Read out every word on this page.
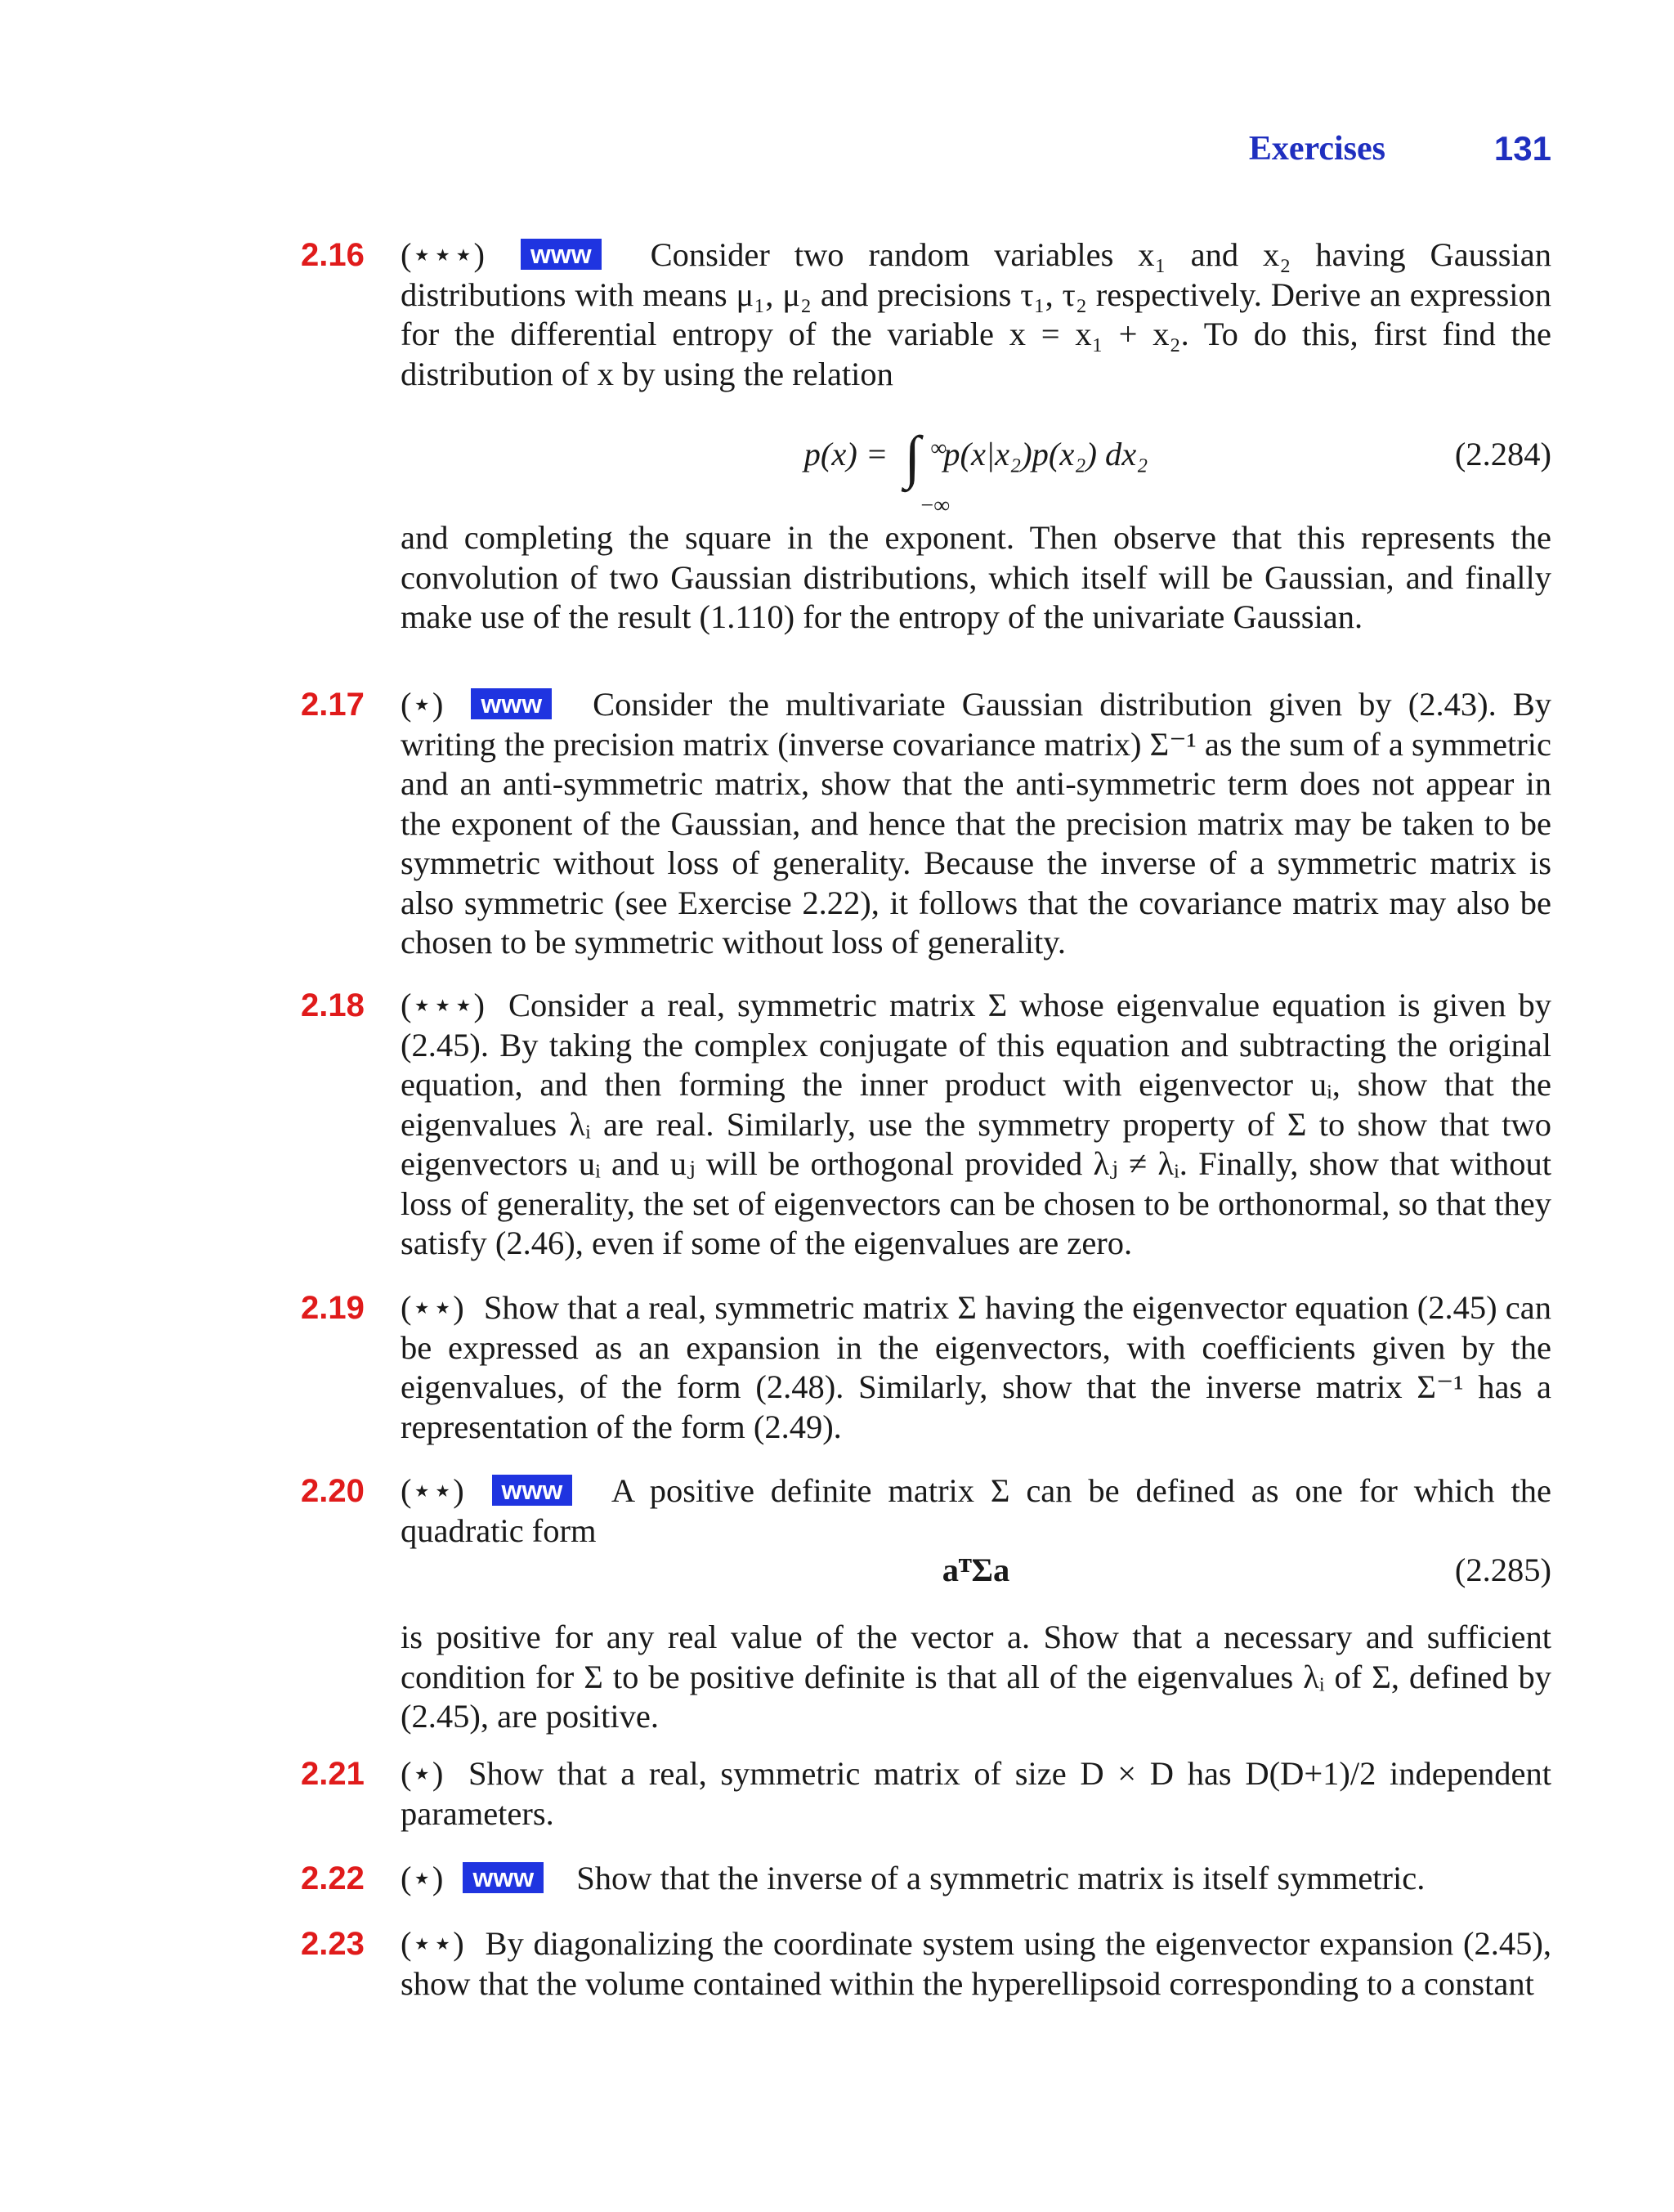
Exercises	131
2.16 (⋆⋆⋆) www Consider two random variables x₁ and x₂ having Gaussian distributions with means μ₁, μ₂ and precisions τ₁, τ₂ respectively. Derive an expression for the differential entropy of the variable x = x₁ + x₂. To do this, first find the distribution of x by using the relation
p(x) = ∫ ∞
−∞
p(x|x₂)p(x₂) dx₂	(2.284)
and completing the square in the exponent. Then observe that this represents the convolution of two Gaussian distributions, which itself will be Gaussian, and finally make use of the result (1.110) for the entropy of the univariate Gaussian.
2.17 (⋆) www Consider the multivariate Gaussian distribution given by (2.43). By writing the precision matrix (inverse covariance matrix) Σ⁻¹ as the sum of a symmetric and an anti-symmetric matrix, show that the anti-symmetric term does not appear in the exponent of the Gaussian, and hence that the precision matrix may be taken to be symmetric without loss of generality. Because the inverse of a symmetric matrix is also symmetric (see Exercise 2.22), it follows that the covariance matrix may also be chosen to be symmetric without loss of generality.
2.18 (⋆⋆⋆) Consider a real, symmetric matrix Σ whose eigenvalue equation is given by (2.45). By taking the complex conjugate of this equation and subtracting the original equation, and then forming the inner product with eigenvector uᵢ, show that the eigenvalues λᵢ are real. Similarly, use the symmetry property of Σ to show that two eigenvectors uᵢ and uⱼ will be orthogonal provided λⱼ ≠ λᵢ. Finally, show that without loss of generality, the set of eigenvectors can be chosen to be orthonormal, so that they satisfy (2.46), even if some of the eigenvalues are zero.
2.19 (⋆⋆) Show that a real, symmetric matrix Σ having the eigenvector equation (2.45) can be expressed as an expansion in the eigenvectors, with coefficients given by the eigenvalues, of the form (2.48). Similarly, show that the inverse matrix Σ⁻¹ has a representation of the form (2.49).
2.20 (⋆⋆) www A positive definite matrix Σ can be defined as one for which the quadratic form
aᵀΣa	(2.285)
is positive for any real value of the vector a. Show that a necessary and sufficient condition for Σ to be positive definite is that all of the eigenvalues λᵢ of Σ, defined by (2.45), are positive.
2.21 (⋆) Show that a real, symmetric matrix of size D × D has D(D+1)/2 independent parameters.
2.22 (⋆) www Show that the inverse of a symmetric matrix is itself symmetric.
2.23 (⋆⋆) By diagonalizing the coordinate system using the eigenvector expansion (2.45), show that the volume contained within the hyperellipsoid corresponding to a constant
